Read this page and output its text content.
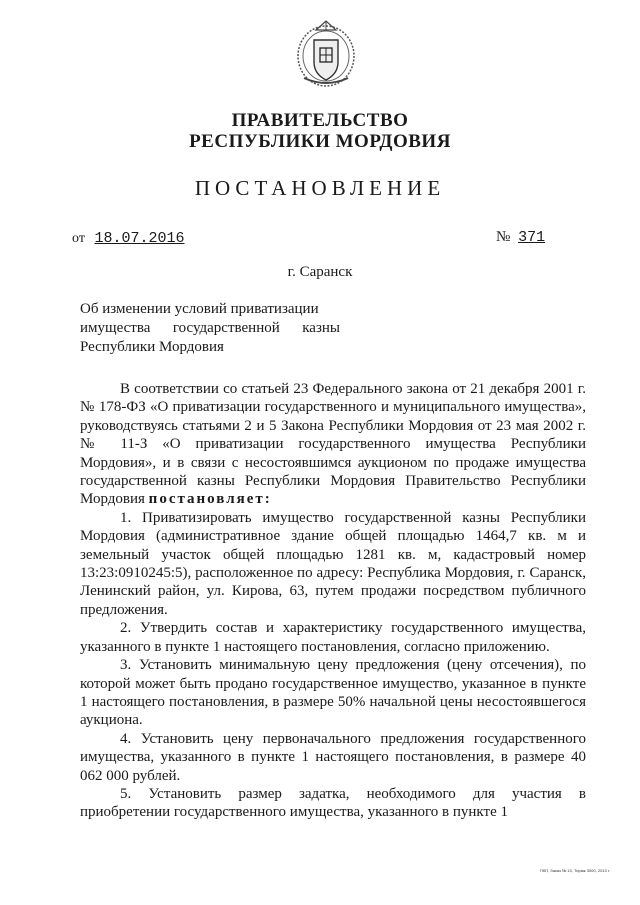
ПРАВИТЕЛЬСТВО
РЕСПУБЛИКИ МОРДОВИЯ
ПОСТАНОВЛЕНИЕ
от 18.07.2016	№ 371
г. Саранск
Об изменении условий приватизации
имущества государственной казны
Республики Мордовия

В соответствии со статьей 23 Федерального закона от 21 декабря 2001 г. № 178-ФЗ «О приватизации государственного и муниципального имущества», руководствуясь статьями 2 и 5 Закона Республики Мордовия от 23 мая 2002 г. № 11-З «О приватизации государственного имущества Республики Мордовия», и в связи с несостоявшимся аукционом по продаже имущества государственной казны Республики Мордовия Правительство Республики Мордовия постановляет:

1. Приватизировать имущество государственной казны Республики Мордовия (административное здание общей площадью 1464,7 кв. м и земельный участок общей площадью 1281 кв. м, кадастровый номер 13:23:0910245:5), расположенное по адресу: Республика Мордовия, г. Саранск, Ленинский район, ул. Кирова, 63, путем продажи посредством публичного предложения.

2. Утвердить состав и характеристику государственного имущества, указанного в пункте 1 настоящего постановления, согласно приложению.

3. Установить минимальную цену предложения (цену отсечения), по которой может быть продано государственное имущество, указанное в пункте 1 настоящего постановления, в размере 50% начальной цены несостоявшегося аукциона.

4. Установить цену первоначального предложения государственного имущества, указанного в пункте 1 настоящего постановления, в размере 40 062 000 рублей.

5. Установить размер задатка, необходимого для участия в приобретении государственного имущества, указанного в пункте 1

ПКП, Заказ № 13, Тираж 3000, 2013 г.
